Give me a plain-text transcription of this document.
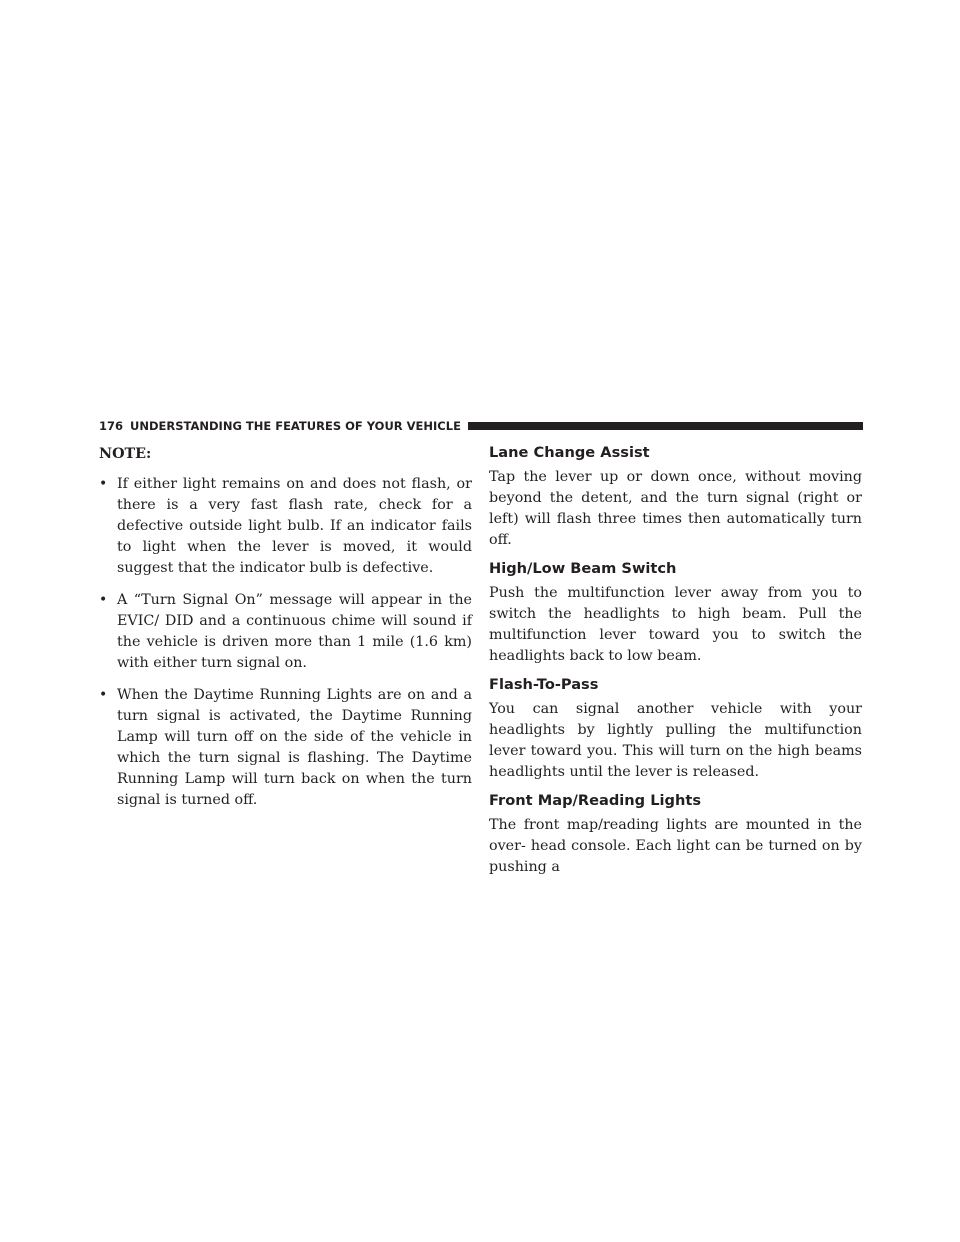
176 UNDERSTANDING THE FEATURES OF YOUR VEHICLE
NOTE:
• If either light remains on and does not flash, or there is a very fast flash rate, check for a defective outside light bulb. If an indicator fails to light when the lever is moved, it would suggest that the indicator bulb is defective.

• A “Turn Signal On” message will appear in the EVIC/ DID and a continuous chime will sound if the vehicle is driven more than 1 mile (1.6 km) with either turn signal on.

• When the Daytime Running Lights are on and a turn signal is activated, the Daytime Running Lamp will turn off on the side of the vehicle in which the turn signal is flashing. The Daytime Running Lamp will turn back on when the turn signal is turned off.

Lane Change Assist

Tap the lever up or down once, without moving beyond the detent, and the turn signal (right or left) will flash three times then automatically turn off.

High/Low Beam Switch

Push the multifunction lever away from you to switch the headlights to high beam. Pull the multifunction lever toward you to switch the headlights back to low beam.

Flash-To-Pass

You can signal another vehicle with your headlights by lightly pulling the multifunction lever toward you. This will turn on the high beams headlights until the lever is released.

Front Map/Reading Lights

The front map/reading lights are mounted in the over- head console. Each light can be turned on by pushing a
